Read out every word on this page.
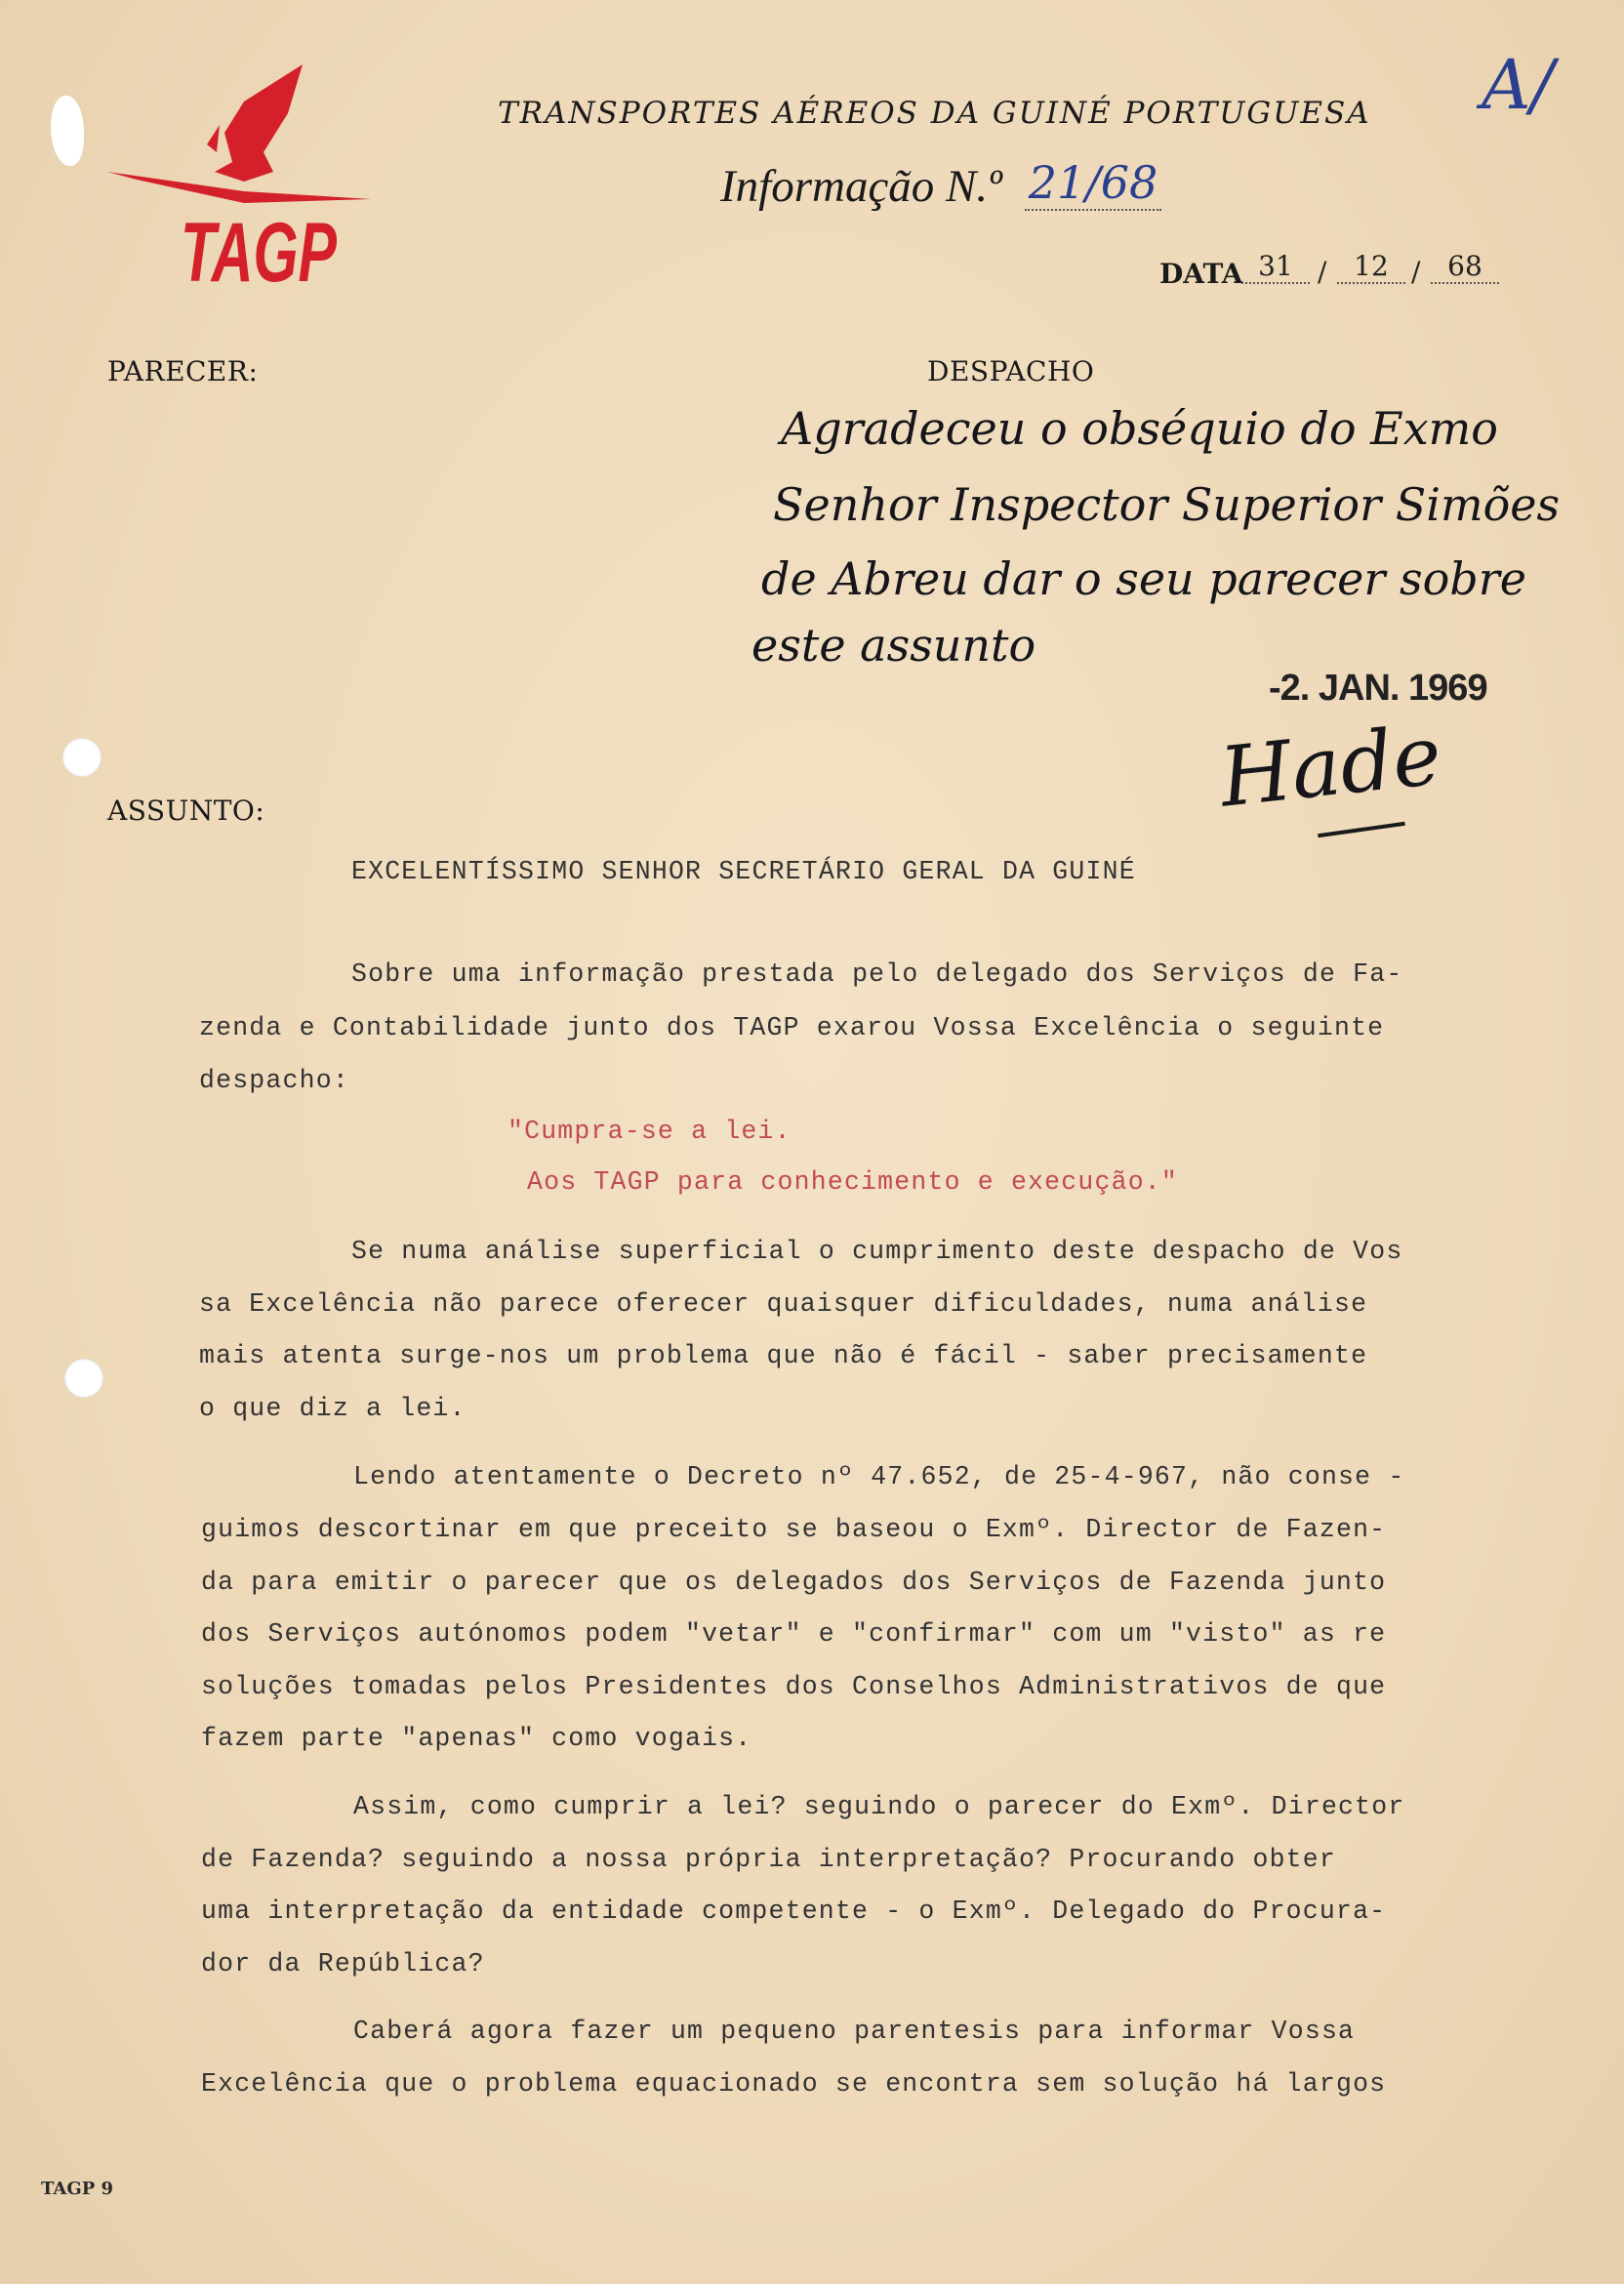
TAGP
TRANSPORTES AÉREOS DA GUINÉ PORTUGUESA
Informação N.º 21/68
DATA 31 / 12 / 68
A/
PARECER:	DESPACHO
ASSUNTO:
Agradeceu o obséquio do Exmo
Senhor Inspector Superior Simões
de Abreu dar o seu parecer sobre
este assunto
-2. JAN. 1969
Hade
EXCELENTÍSSIMO SENHOR SECRETÁRIO GERAL DA GUINÉ
Sobre uma informação prestada pelo delegado dos Serviços de Fa-
zenda e Contabilidade junto dos TAGP exarou Vossa Excelência o seguinte
despacho:
"Cumpra-se a lei.
Aos TAGP para conhecimento e execução."
Se numa análise superficial o cumprimento deste despacho de Vos
sa Excelência não parece oferecer quaisquer dificuldades, numa análise
mais atenta surge-nos um problema que não é fácil - saber precisamente
o que diz a lei.
Lendo atentamente o Decreto nº 47.652, de 25-4-967, não conse -
guimos descortinar em que preceito se baseou o Exmº. Director de Fazen-
da para emitir o parecer que os delegados dos Serviços de Fazenda junto
dos Serviços autónomos podem "vetar" e "confirmar" com um "visto" as re
soluções tomadas pelos Presidentes dos Conselhos Administrativos de que
fazem parte "apenas" como vogais.
Assim, como cumprir a lei? seguindo o parecer do Exmº. Director
de Fazenda? seguindo a nossa própria interpretação? Procurando obter
uma interpretação da entidade competente - o Exmº. Delegado do Procura-
dor da República?
Caberá agora fazer um pequeno parentesis para informar Vossa
Excelência que o problema equacionado se encontra sem solução há largos
TAGP 9
